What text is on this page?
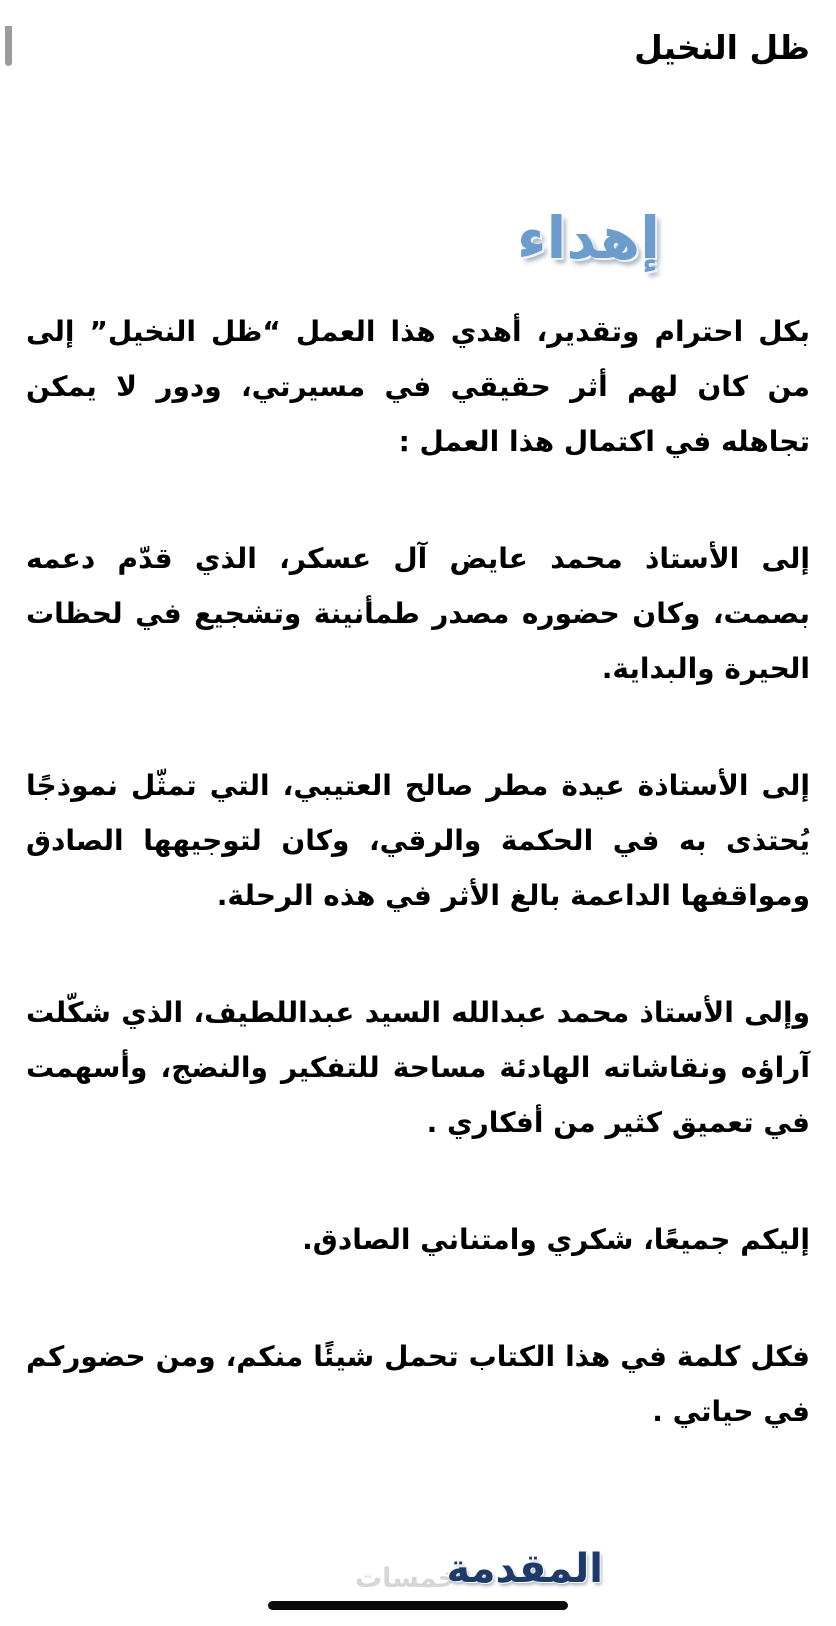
ظل النخيل
إهداء

بكل احترام وتقدير، أهدي هذا العمل “ظل النخيل” إلى من كان لهم أثر حقيقي في مسيرتي، ودور لا يمكن تجاهله في اكتمال هذا العمل :

إلى الأستاذ محمد عايض آل عسكر، الذي قدّم دعمه بصمت، وكان حضوره مصدر طمأنينة وتشجيع في لحظات الحيرة والبداية.

إلى الأستاذة عيدة مطر صالح العتيبي، التي تمثّل نموذجًا يُحتذى به في الحكمة والرقي، وكان لتوجيهها الصادق ومواقفها الداعمة بالغ الأثر في هذه الرحلة.

وإلى الأستاذ محمد عبدالله السيد عبداللطيف، الذي شكّلت آراؤه ونقاشاته الهادئة مساحة للتفكير والنضج، وأسهمت في تعميق كثير من أفكاري .

إليكم جميعًا، شكري وامتناني الصادق.

فكل كلمة في هذا الكتاب تحمل شيئًا منكم، ومن حضوركم في حياتي .

خمسات
المقدمة
